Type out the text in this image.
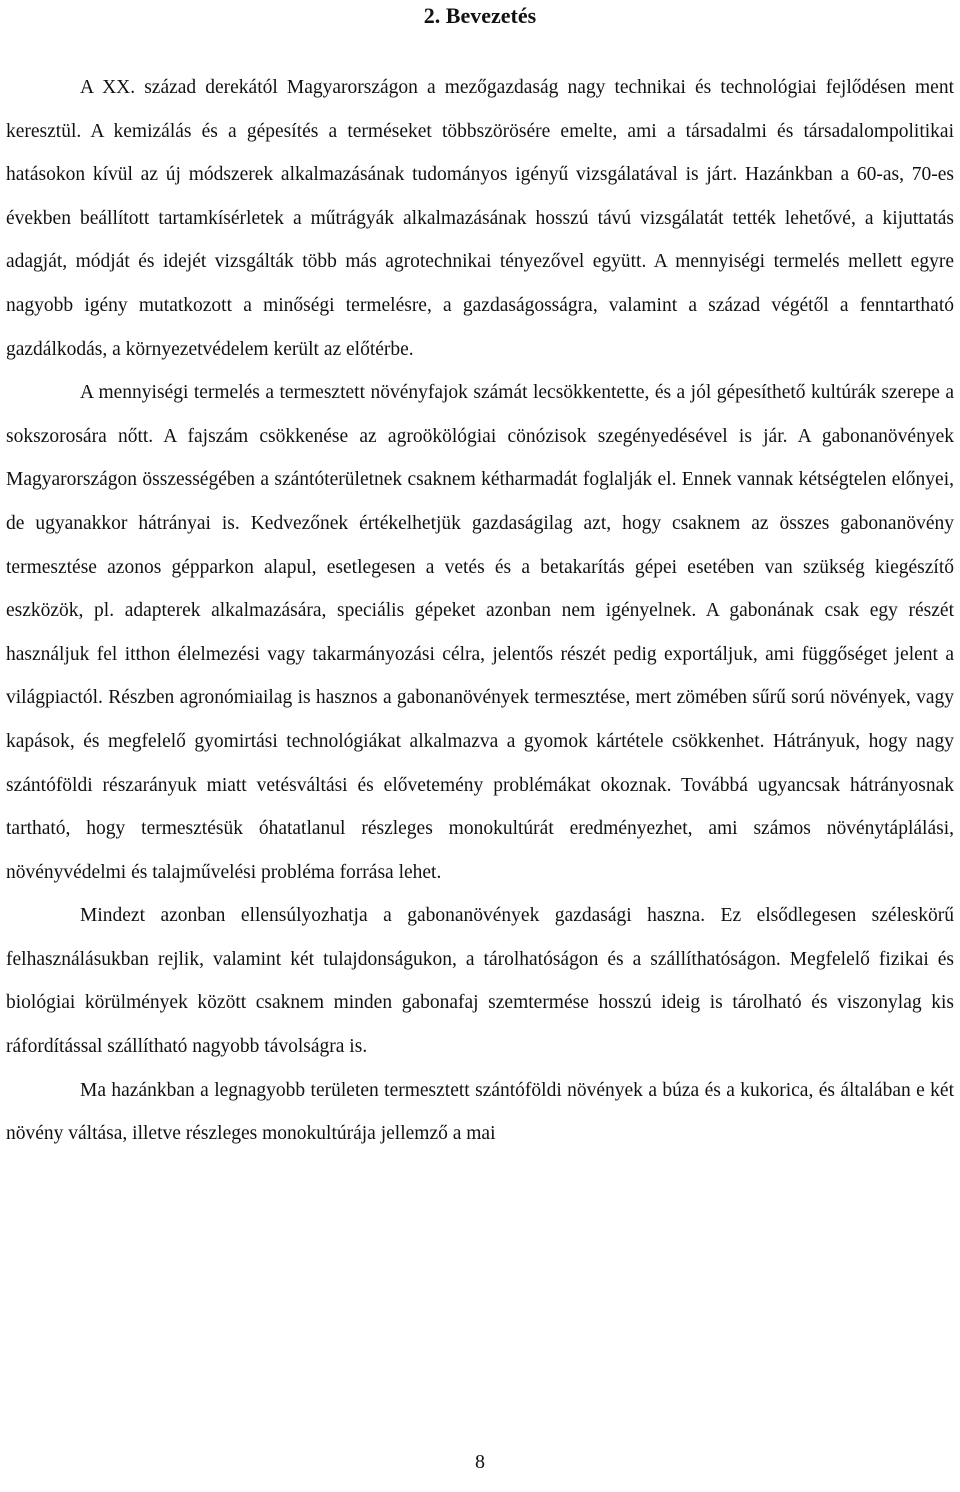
2. Bevezetés

A XX. század derekától Magyarországon a mezőgazdaság nagy technikai és technológiai fejlődésen ment keresztül. A kemizálás és a gépesítés a terméseket többszörösére emelte, ami a társadalmi és társadalompolitikai hatásokon kívül az új módszerek alkalmazásának tudományos igényű vizsgálatával is járt. Hazánkban a 60-as, 70-es években beállított tartamkísérletek a műtrágyák alkalmazásának hosszú távú vizsgálatát tették lehetővé, a kijuttatás adagját, módját és idejét vizsgálták több más agrotechnikai tényezővel együtt. A mennyiségi termelés mellett egyre nagyobb igény mutatkozott a minőségi termelésre, a gazdaságosságra, valamint a század végétől a fenntartható gazdálkodás, a környezetvédelem került az előtérbe.

A mennyiségi termelés a termesztett növényfajok számát lecsökkentette, és a jól gépesíthető kultúrák szerepe a sokszorosára nőtt. A fajszám csökkenése az agroökölógiai cönózisok szegényedésével is jár. A gabonanövények Magyarországon összességében a szántóterületnek csaknem kétharmadát foglalják el. Ennek vannak kétségtelen előnyei, de ugyanakkor hátrányai is. Kedvezőnek értékelhetjük gazdaságilag azt, hogy csaknem az összes gabonanövény termesztése azonos gépparkon alapul, esetlegesen a vetés és a betakarítás gépei esetében van szükség kiegészítő eszközök, pl. adapterek alkalmazására, speciális gépeket azonban nem igényelnek. A gabonának csak egy részét használjuk fel itthon élelmezési vagy takarmányozási célra, jelentős részét pedig exportáljuk, ami függőséget jelent a világpiactól. Részben agronómiailag is hasznos a gabonanövények termesztése, mert zömében sűrű sorú növények, vagy kapások, és megfelelő gyomirtási technológiákat alkalmazva a gyomok kártétele csökkenhet. Hátrányuk, hogy nagy szántóföldi részarányuk miatt vetésváltási és elővetemény problémákat okoznak. Továbbá ugyancsak hátrányosnak tartható, hogy termesztésük óhatatlanul részleges monokultúrát eredményezhet, ami számos növénytáplálási, növényvédelmi és talajművelési probléma forrása lehet.

Mindezt azonban ellensúlyozhatja a gabonanövények gazdasági haszna. Ez elsődlegesen széleskörű felhasználásukban rejlik, valamint két tulajdonságukon, a tárolhatóságon és a szállíthatóságon. Megfelelő fizikai és biológiai körülmények között csaknem minden gabonafaj szemtermése hosszú ideig is tárolható és viszonylag kis ráfordítással szállítható nagyobb távolságra is.

Ma hazánkban a legnagyobb területen termesztett szántóföldi növények a búza és a kukorica, és általában e két növény váltása, illetve részleges monokultúrája jellemző a mai

8
